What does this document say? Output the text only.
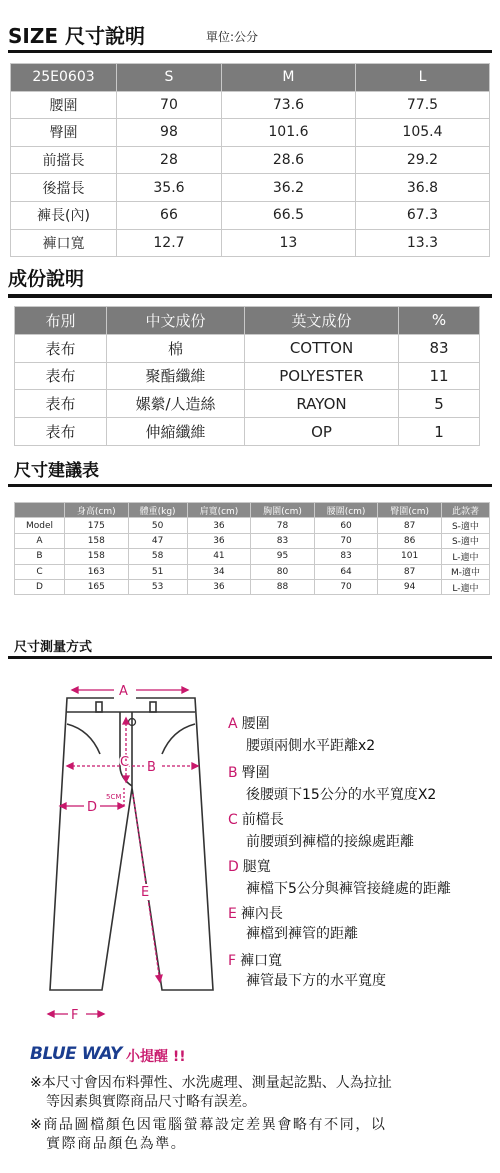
SIZE 尺寸說明	單位:公分
25E0603	S	M	L
腰圍	70	73.6	77.5
臀圍	98	101.6	105.4
前擋長	28	28.6	29.2
後擋長	35.6	36.2	36.8
褲長(內)	66	66.5	67.3
褲口寬	12.7	13	13.3
成份說明
布別	中文成份	英文成份	%
表布	棉	COTTON	83
表布	聚酯纖維	POLYESTER	11
表布	嫘縈/人造絲	RAYON	5
表布	伸縮纖維	OP	1
尺寸建議表
	身高(cm)	體重(kg)	肩寬(cm)	胸圍(cm)	腰圍(cm)	臀圍(cm)	此款著
Model	175	50	36	78	60	87	S-適中
A	158	47	36	83	70	86	S-適中
B	158	58	41	95	83	101	L-適中
C	163	51	34	80	64	87	M-適中
D	165	53	36	88	70	94	L-適中
尺寸測量方式
A
B
C
D
5CM
E
F
A 腰圍
腰頭兩側水平距離x2
B 臀圍
後腰頭下15公分的水平寬度X2
C 前檔長
前腰頭到褲檔的接線處距離
D 腿寬
褲檔下5公分與褲管接縫處的距離
E 褲內長
褲檔到褲管的距離
F 褲口寬
褲管最下方的水平寬度
BLUE WAY 小提醒 !!
※本尺寸會因布料彈性、水洗處理、測量起訖點、人為拉扯
等因素與實際商品尺寸略有誤差。
※商品圖檔顏色因電腦螢幕設定差異會略有不同，以
實際商品顏色為準。
